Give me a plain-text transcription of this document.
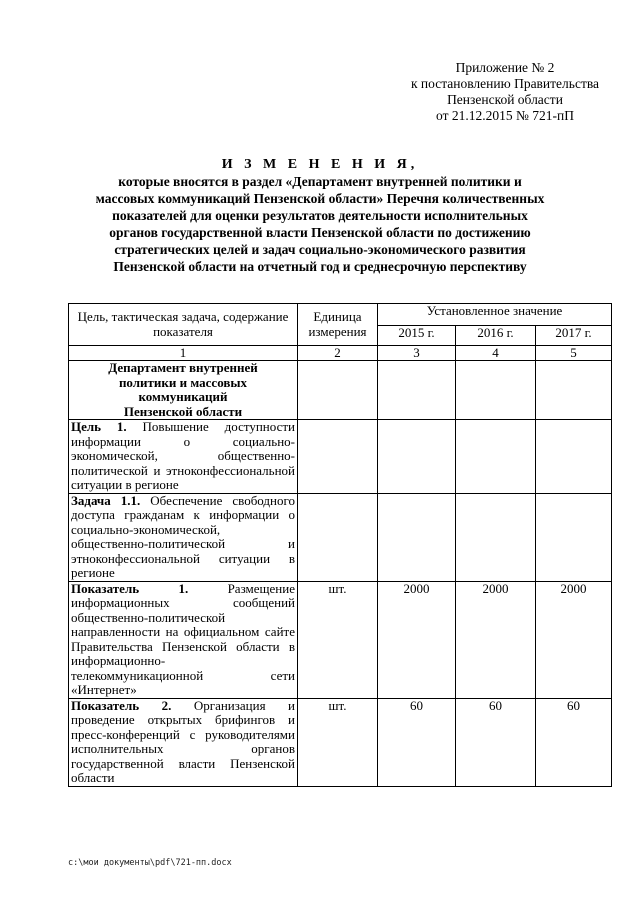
Приложение № 2
к постановлению Правительства
Пензенской области
от 21.12.2015 № 721-пП
И З М Е Н Е Н И Я,
которые вносятся в раздел «Департамент внутренней политики и
массовых коммуникаций Пензенской области» Перечня количественных
показателей для оценки результатов деятельности исполнительных
органов государственной власти Пензенской области по достижению
стратегических целей и задач социально-экономического развития
Пензенской области на отчетный год и среднесрочную перспективу
Цель, тактическая задача, содержание показателя	Единица измерения	Установленное значение		
		2015 г.	2016 г.	2017 г.
1	2	3	4	5

Департамент внутренней
политики и массовых
коммуникаций
Пензенской области				

Цель 1. Повышение доступности информации о социально-экономической, общественно-политической и этноконфессиональной ситуации в регионе				
Задача 1.1. Обеспечение свободного доступа гражданам к информации о социально-экономической, общественно-политической и этноконфессиональной ситуации в регионе				
Показатель 1. Размещение информационных сообщений общественно-политической направленности на официальном сайте Правительства Пензенской области в информационно-телекоммуникационной сети «Интернет»	шт.	2000	2000	2000
Показатель 2. Организация и проведение открытых брифингов и пресс-конференций с руководителями исполнительных органов государственной власти Пензенской области	шт.	60	60	60
c:\мои документы\pdf\721-пп.docx
